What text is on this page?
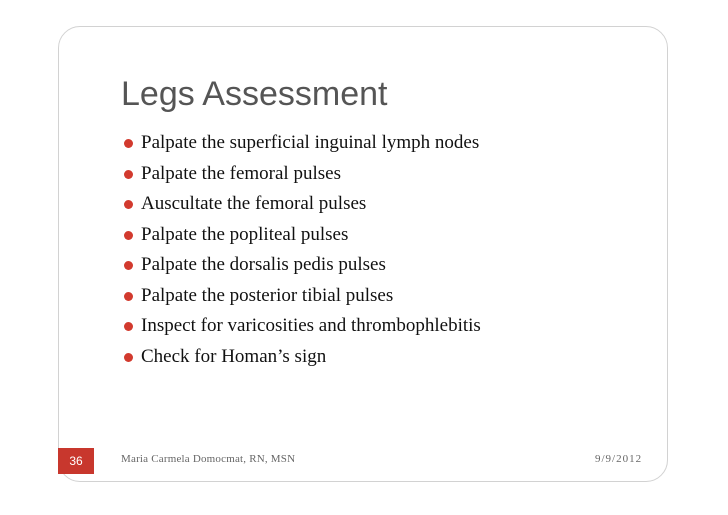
Legs Assessment
Palpate the superficial inguinal lymph nodes
Palpate the femoral pulses
Auscultate the femoral pulses
Palpate the popliteal pulses
Palpate the dorsalis pedis pulses
Palpate the posterior tibial pulses
Inspect for varicosities and thrombophlebitis
Check for Homan’s sign
36	Maria Carmela Domocmat, RN, MSN	9/9/2012
